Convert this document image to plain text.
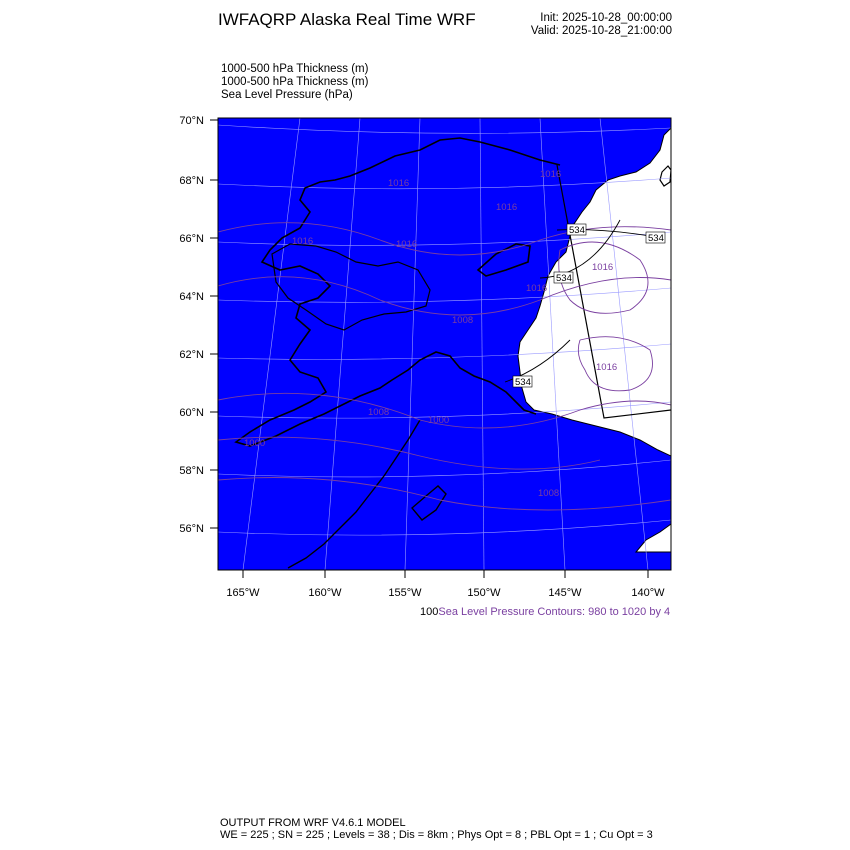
IWFAQRP Alaska Real Time WRF	Init: 2025-10-28_00:00:00
Valid: 2025-10-28_21:00:00
1000-500 hPa Thickness (m)
1000-500 hPa Thickness (m)
Sea Level Pressure (hPa)
1016
1016
1016
1016	1016
1016
1016
1016
1008
1008
1008
1000
1000
534
534
534
534
70°N
68°N
66°N
64°N
62°N
60°N
58°N
56°N
165°W	160°W	155°W	150°W	145°W	140°W
100Sea Level Pressure Contours: 980 to 1020 by 4
OUTPUT FROM WRF V4.6.1 MODEL
WE = 225 ; SN = 225 ; Levels = 38 ; Dis = 8km ; Phys Opt = 8 ; PBL Opt = 1 ; Cu Opt = 3
